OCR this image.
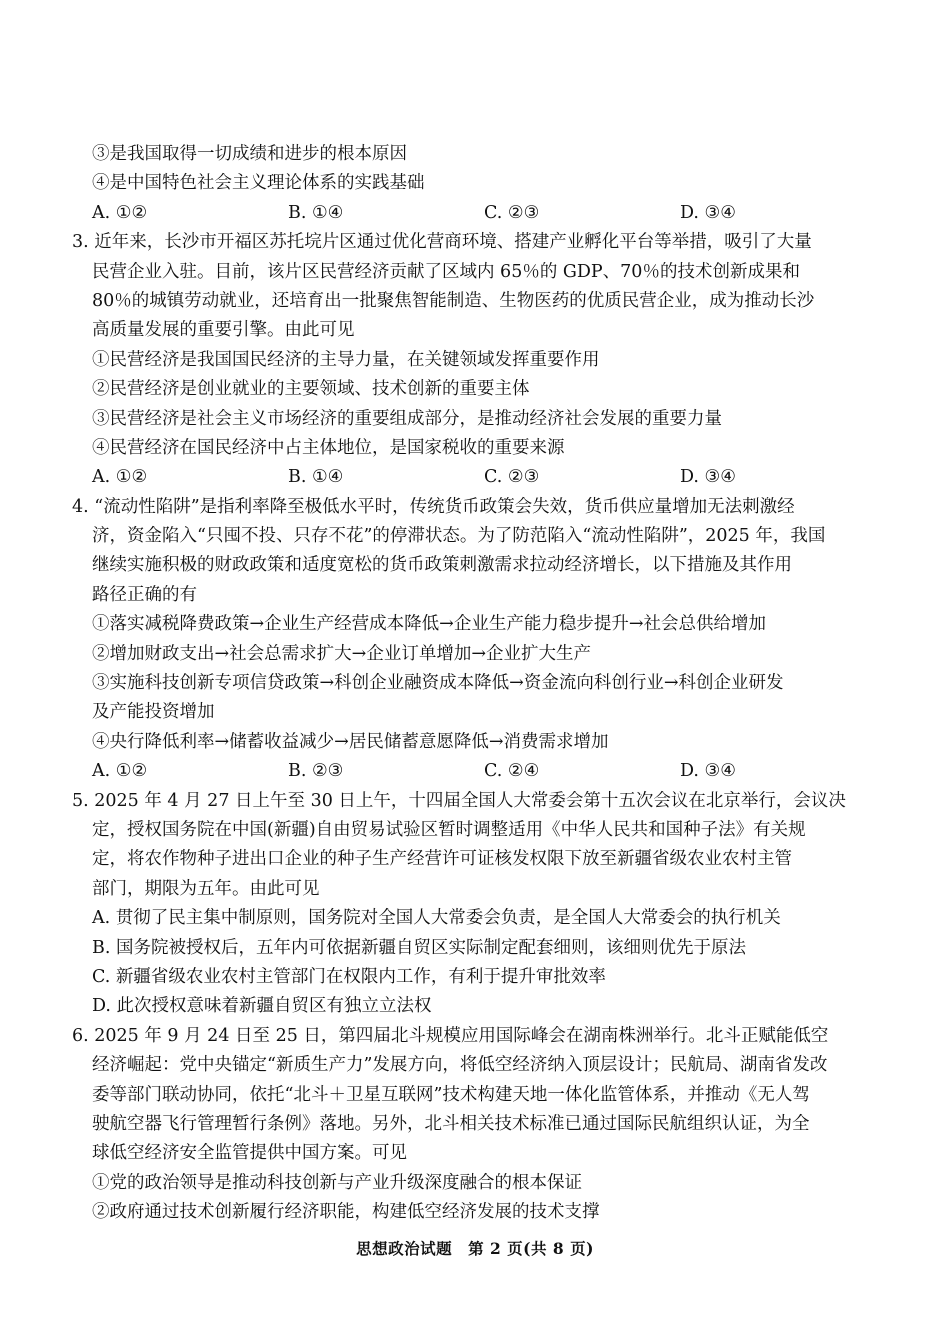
③是我国取得一切成绩和进步的根本原因
④是中国特色社会主义理论体系的实践基础
A. ①②	B. ①④	C. ②③	D. ③④
3. 近年来，长沙市开福区苏托垸片区通过优化营商环境、搭建产业孵化平台等举措，吸引了大量
民营企业入驻。目前，该片区民营经济贡献了区域内 65％的 GDP、70％的技术创新成果和
80％的城镇劳动就业，还培育出一批聚焦智能制造、生物医药的优质民营企业，成为推动长沙
高质量发展的重要引擎。由此可见
①民营经济是我国国民经济的主导力量，在关键领域发挥重要作用
②民营经济是创业就业的主要领域、技术创新的重要主体
③民营经济是社会主义市场经济的重要组成部分，是推动经济社会发展的重要力量
④民营经济在国民经济中占主体地位，是国家税收的重要来源
A. ①②	B. ①④	C. ②③	D. ③④
4. “流动性陷阱”是指利率降至极低水平时，传统货币政策会失效，货币供应量增加无法刺激经
济，资金陷入“只囤不投、只存不花”的停滞状态。为了防范陷入“流动性陷阱”，2025 年，我国
继续实施积极的财政政策和适度宽松的货币政策刺激需求拉动经济增长，以下措施及其作用
路径正确的有
①落实减税降费政策→企业生产经营成本降低→企业生产能力稳步提升→社会总供给增加
②增加财政支出→社会总需求扩大→企业订单增加→企业扩大生产
③实施科技创新专项信贷政策→科创企业融资成本降低→资金流向科创行业→科创企业研发
及产能投资增加
④央行降低利率→储蓄收益减少→居民储蓄意愿降低→消费需求增加
A. ①②	B. ②③	C. ②④	D. ③④
5. 2025 年 4 月 27 日上午至 30 日上午，十四届全国人大常委会第十五次会议在北京举行，会议决
定，授权国务院在中国(新疆)自由贸易试验区暂时调整适用《中华人民共和国种子法》有关规
定，将农作物种子进出口企业的种子生产经营许可证核发权限下放至新疆省级农业农村主管
部门，期限为五年。由此可见
A. 贯彻了民主集中制原则，国务院对全国人大常委会负责，是全国人大常委会的执行机关
B. 国务院被授权后，五年内可依据新疆自贸区实际制定配套细则，该细则优先于原法
C. 新疆省级农业农村主管部门在权限内工作，有利于提升审批效率
D. 此次授权意味着新疆自贸区有独立立法权
6. 2025 年 9 月 24 日至 25 日，第四届北斗规模应用国际峰会在湖南株洲举行。北斗正赋能低空
经济崛起：党中央锚定“新质生产力”发展方向，将低空经济纳入顶层设计；民航局、湖南省发改
委等部门联动协同，依托“北斗＋卫星互联网”技术构建天地一体化监管体系，并推动《无人驾
驶航空器飞行管理暂行条例》落地。另外，北斗相关技术标准已通过国际民航组织认证，为全
球低空经济安全监管提供中国方案。可见
①党的政治领导是推动科技创新与产业升级深度融合的根本保证
②政府通过技术创新履行经济职能，构建低空经济发展的技术支撑
思想政治试题　第 2 页(共 8 页)
